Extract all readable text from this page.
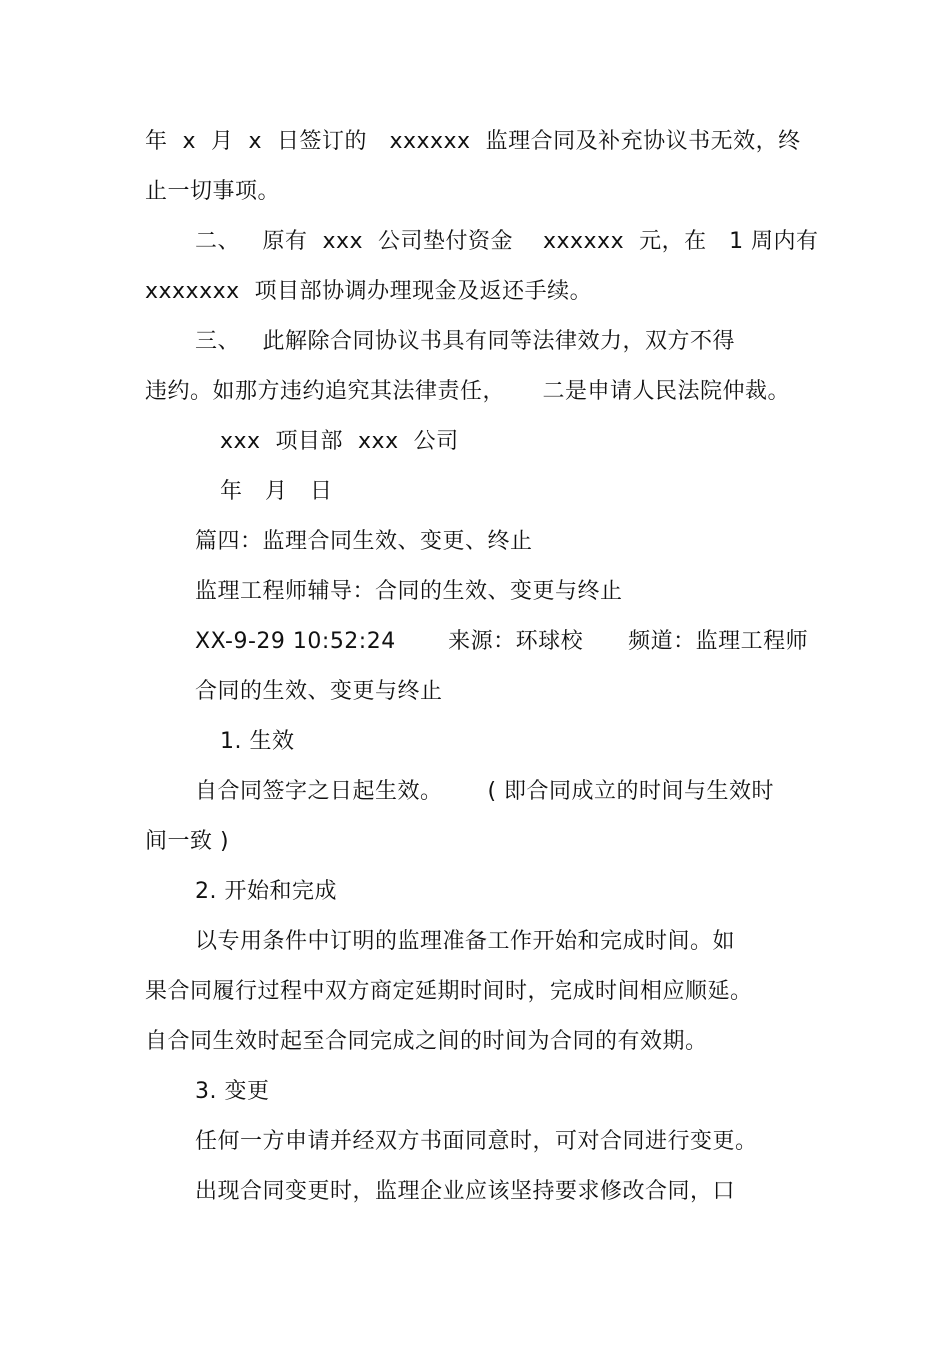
年  x  月  x  日签订的   xxxxxx  监理合同及补充协议书无效，终
止一切事项。
二、   原有  xxx  公司垫付资金    xxxxxx  元，在   1 周内有
xxxxxxx  项目部协调办理现金及返还手续。
三、   此解除合同协议书具有同等法律效力，双方不得
违约。如那方违约追究其法律责任，     二是申请人民法院仲裁。
xxx  项目部  xxx  公司
年   月   日
篇四：监理合同生效、变更、终止
监理工程师辅导：合同的生效、变更与终止
XX-9-29 10:52:24       来源：环球校      频道：监理工程师
合同的生效、变更与终止
1. 生效
自合同签字之日起生效。      ( 即合同成立的时间与生效时
间一致 )
2. 开始和完成
以专用条件中订明的监理准备工作开始和完成时间。如
果合同履行过程中双方商定延期时间时，完成时间相应顺延。
自合同生效时起至合同完成之间的时间为合同的有效期。
3. 变更
任何一方申请并经双方书面同意时，可对合同进行变更。
出现合同变更时，监理企业应该坚持要求修改合同，口
